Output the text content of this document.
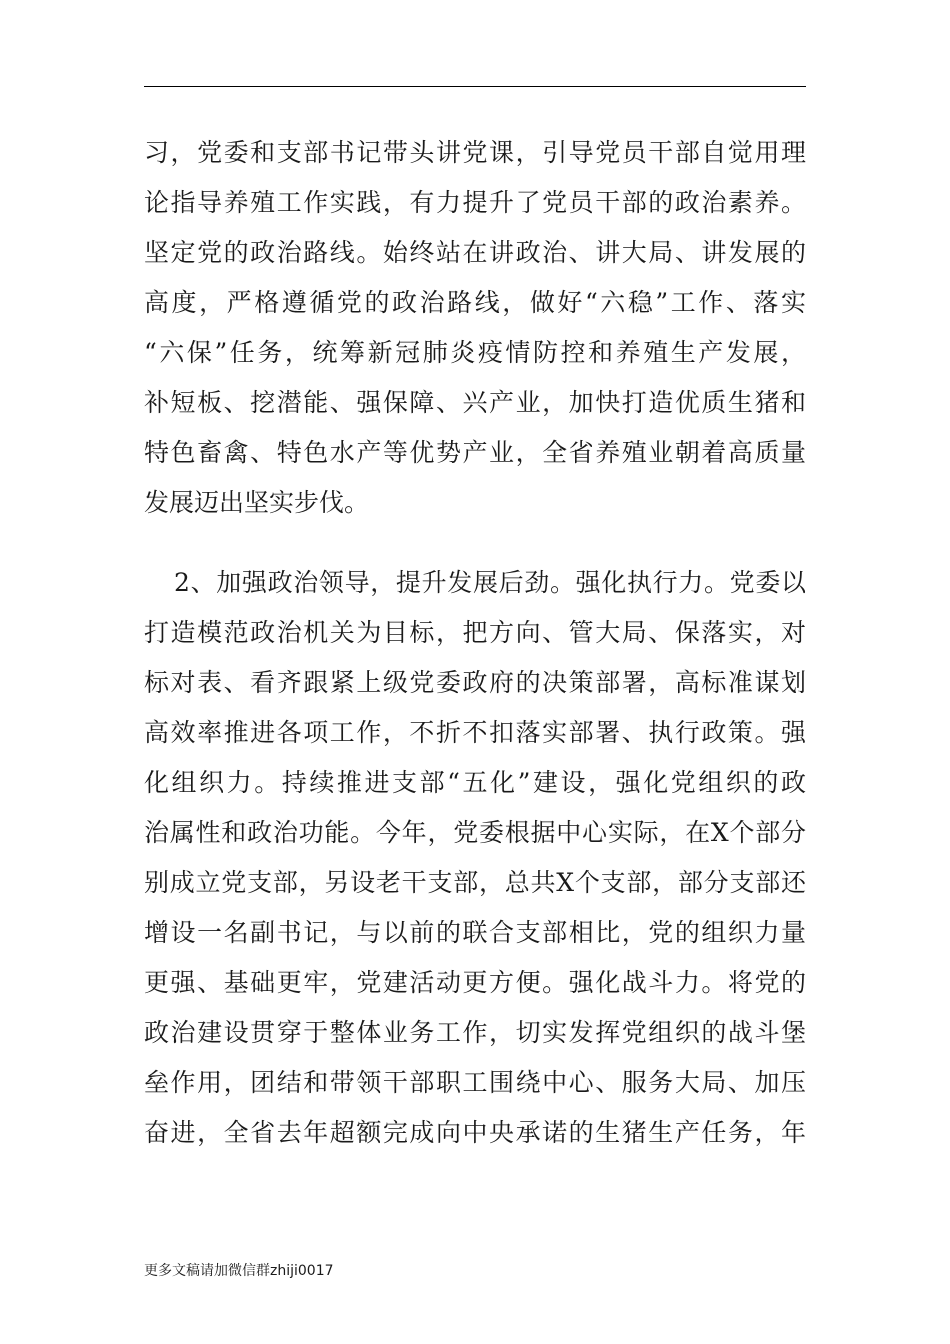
习，党委和支部书记带头讲党课，引导党员干部自觉用理
论指导养殖工作实践，有力提升了党员干部的政治素养。
坚定党的政治路线。始终站在讲政治、讲大局、讲发展的
高度，严格遵循党的政治路线，做好“六稳”工作、落实
“六保”任务，统筹新冠肺炎疫情防控和养殖生产发展，
补短板、挖潜能、强保障、兴产业，加快打造优质生猪和
特色畜禽、特色水产等优势产业，全省养殖业朝着高质量
发展迈出坚实步伐。
2、加强政治领导，提升发展后劲。强化执行力。党委以
打造模范政治机关为目标，把方向、管大局、保落实，对
标对表、看齐跟紧上级党委政府的决策部署，高标准谋划
高效率推进各项工作，不折不扣落实部署、执行政策。强
化组织力。持续推进支部“五化”建设，强化党组织的政
治属性和政治功能。今年，党委根据中心实际，在X个部分
别成立党支部，另设老干支部，总共X个支部，部分支部还
增设一名副书记，与以前的联合支部相比，党的组织力量
更强、基础更牢，党建活动更方便。强化战斗力。将党的
政治建设贯穿于整体业务工作，切实发挥党组织的战斗堡
垒作用，团结和带领干部职工围绕中心、服务大局、加压
奋进，全省去年超额完成向中央承诺的生猪生产任务，年
更多文稿请加微信群zhiji0017
